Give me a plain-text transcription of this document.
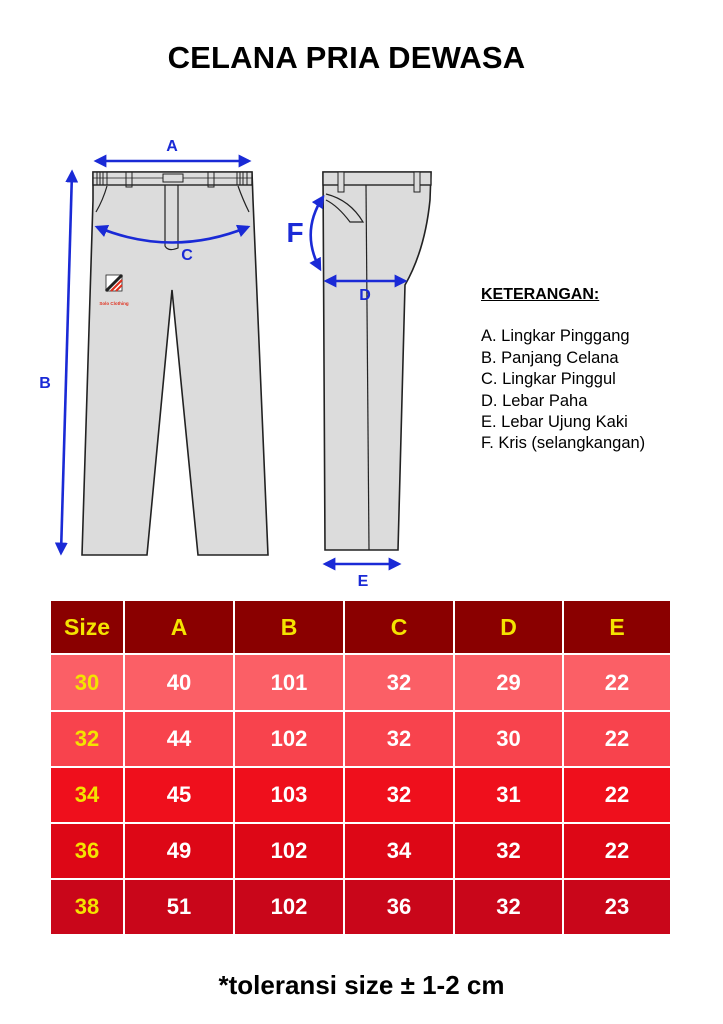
CELANA PRIA DEWASA
Solo Clothing
A
B
C
D
E
F
KETERANGAN:
A. Lingkar Pinggang
B. Panjang Celana
C. Lingkar Pinggul
D. Lebar Paha
E. Lebar Ujung Kaki
F. Kris (selangkangan)
Size	A	B	C	D	E
30	40	101	32	29	22
32	44	102	32	30	22
34	45	103	32	31	22
36	49	102	34	32	22
38	51	102	36	32	23
*toleransi size ± 1-2 cm
